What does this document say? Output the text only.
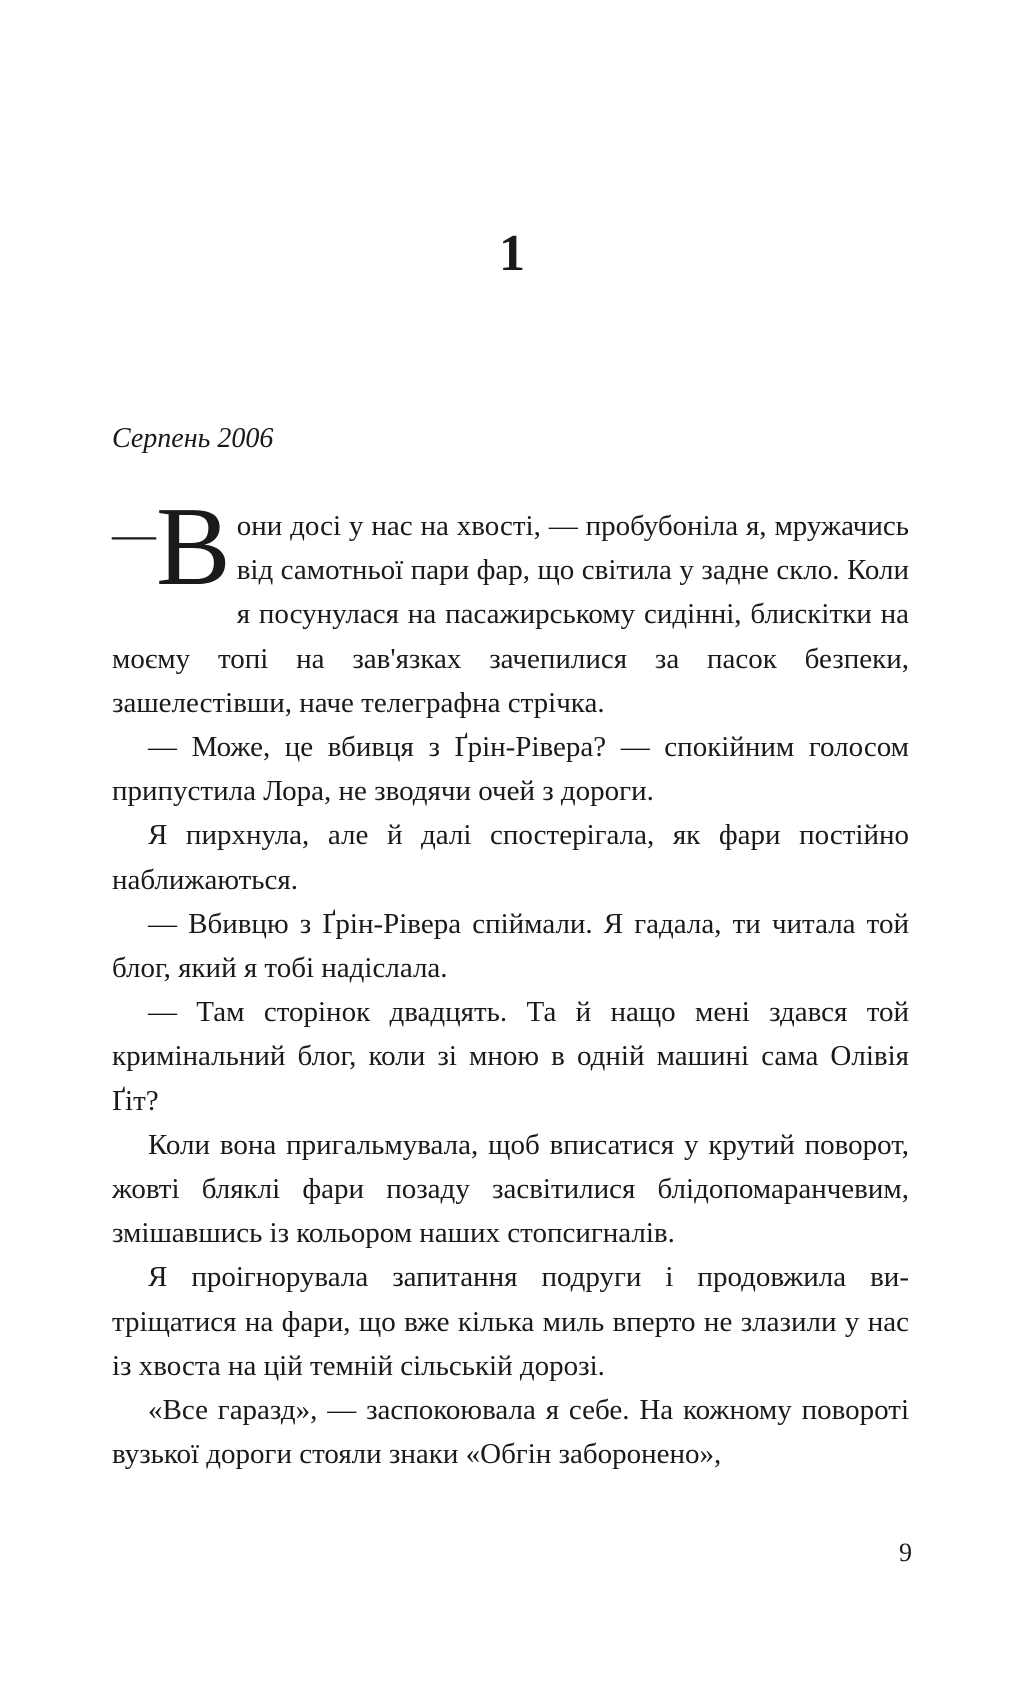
1
Серпень 2006

— В они досі у нас на хвості, — пробубоніла я, мружачись від самотньої пари фар, що світила у задне скло. Коли я посунулася на пасажирському сидінні, блискітки на моєму топі на зав'язках зачепилися за пасок безпеки, зашелестівши, наче телеграфна стрічка.

— Може, це вбивця з Ґрін-Рівера? — спокійним голосом припустила Лора, не зводячи очей з дороги.

Я пирхнула, але й далі спостерігала, як фари постійно наближаються.

— Вбивцю з Ґрін-Рівера спіймали. Я гадала, ти читала той блог, який я тобі надіслала.

— Там сторінок двадцять. Та й нащо мені здався той кримінальний блог, коли зі мною в одній машині сама Олівія Ґіт?

Коли вона пригальмувала, щоб вписатися у крутий поворот, жовті бляклі фари позаду засвітилися блідопомаранчевим, змішавшись із кольором наших стопсигналів.

Я проігнорувала запитання подруги і продовжила витріщатися на фари, що вже кілька миль вперто не злазили у нас із хвоста на цій темній сільській дорозі.

«Все гаразд», — заспокоювала я себе. На кожному повороті вузької дороги стояли знаки «Обгін заборонено»,

9
